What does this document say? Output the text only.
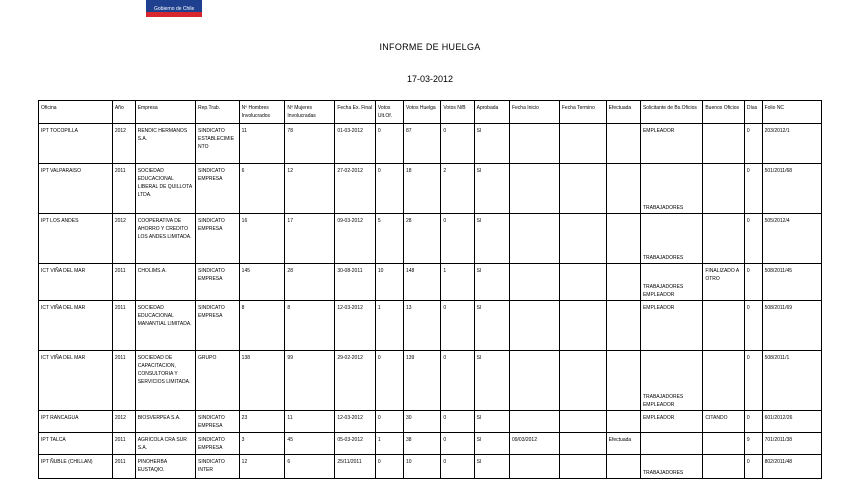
Gobierno de Chile
INFORME DE HUELGA
17-03-2012
Oficina	Año	Empresa	Rep.Trab.	Nº Hombres Involucrados	Nº Mujeres Involucradas	Fecha Ex. Final	Votos Ult.Of.	Votos Huelga	Votos N/B	Aprobada	Fecha Inicio	Fecha Termino	Efectuada	Solicitante de Bs.Oficios	Buenos Oficios	Días	Folio NC
IPT TOCOPILLA	2012	RENDIC HERMANOS S.A.	SINDICATO ESTABLECIMIENTO	11	78	01-03-2012	0	87	0	SI				EMPLEADOR		0	203/2012/1
IPT VALPARAISO	2011	SOCIEDAD EDUCACIONAL LIBERAL DE QUILLOTA LTDA.	SINDICATO EMPRESA	6	12	27-02-2012	0	18	2	SI				TRABAJADORES		0	501/2011/68
IPT LOS ANDES	2012	COOPERATIVA DE AHORRO Y CREDITO LOS ANDES LIMITADA.	SINDICATO EMPRESA	16	17	09-03-2012	5	28	0	SI				TRABAJADORES		0	505/2012/4
ICT VIÑA DEL MAR	2011	CHOLIMS.A.	SINDICATO EMPRESA	145	28	30-08-2011	10	148	1	SI				TRABAJADORES EMPLEADOR	FINALIZADO A OTRO	0	508/2011/45
ICT VIÑA DEL MAR	2011	SOCIEDAD EDUCACIONAL MANANTIAL LIMITADA.	SINDICATO EMPRESA	8	8	12-03-2012	1	13	0	SI				EMPLEADOR		0	508/2011/69
ICT VIÑA DEL MAR	2011	SOCIEDAD DE CAPACITACION, CONSULTORIA Y SERVICIOS LIMITADA.	GRUPO	138	99	29-02-2012	0	139	0	SI				TRABAJADORES EMPLEADOR		0	508/2011/1
IPT RANCAGUA	2012	BIOSVERPEA S.A.	SINDICATO EMPRESA	23	11	12-03-2012	0	30	0	SI				EMPLEADOR	CITANDO	0	601/2012/26
IPT TALCA	2011	AGRICOLA CRA SUR S.A.	SINDICATO EMPRESA	3	45	05-03-2012	1	38	0	SI	09/03/2012		Efectuada			9	701/2011/38
IPT ÑUBLE (CHILLAN)	2011	PINOHERBA EUSTAQIO.	SINDICATO INTER	12	6	25/11/2011	0	10	0	SI				TRABAJADORES		0	802/2011/48
